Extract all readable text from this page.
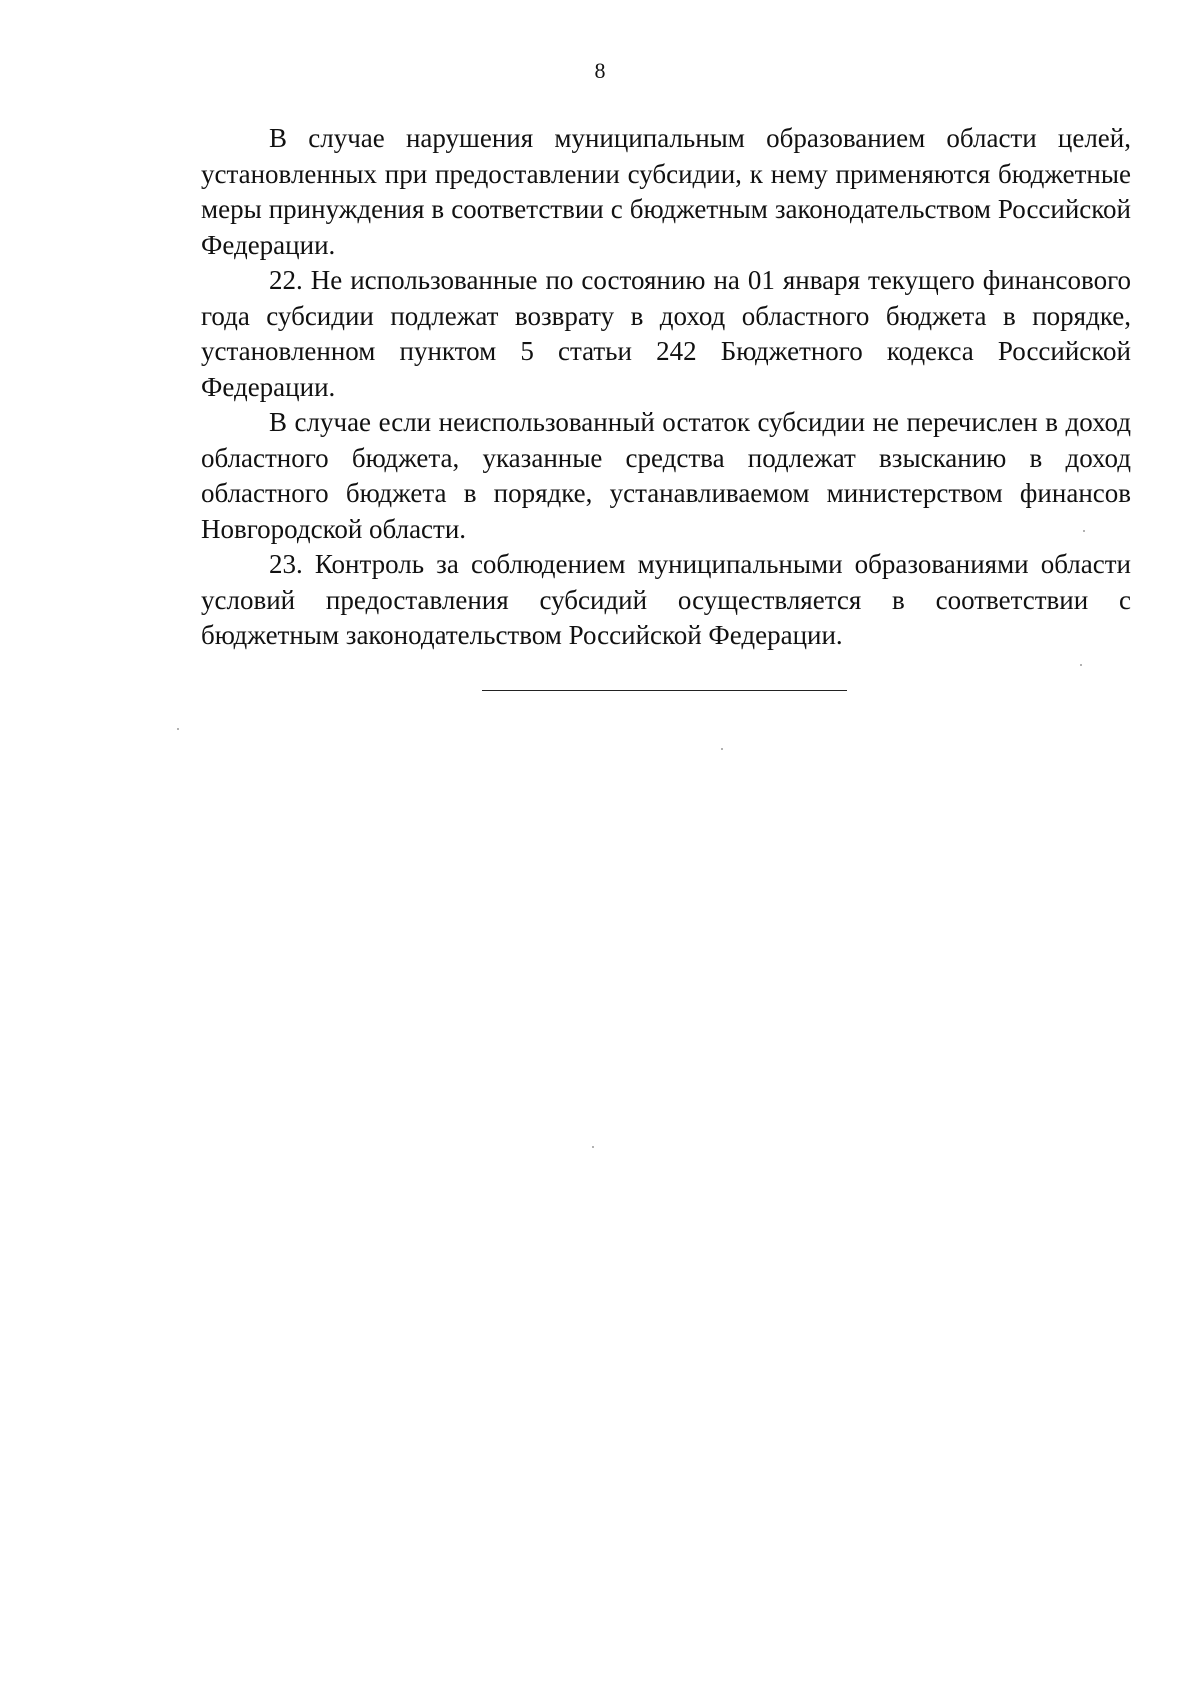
8

В случае нарушения муниципальным образованием области целей, установленных при предоставлении субсидии, к нему применяются бюджетные меры принуждения в соответствии с бюджетным законодательством Российской Федерации.

22. Не использованные по состоянию на 01 января текущего финансового года субсидии подлежат возврату в доход областного бюджета в порядке, установленном пунктом 5 статьи 242 Бюджетного кодекса Российской Федерации.

В случае если неиспользованный остаток субсидии не перечислен в доход областного бюджета, указанные средства подлежат взысканию в доход областного бюджета в порядке, устанавливаемом министерством финансов Новгородской области.

23. Контроль за соблюдением муниципальными образованиями области условий предоставления субсидий осуществляется в соответствии с бюджетным законодательством Российской Федерации.
